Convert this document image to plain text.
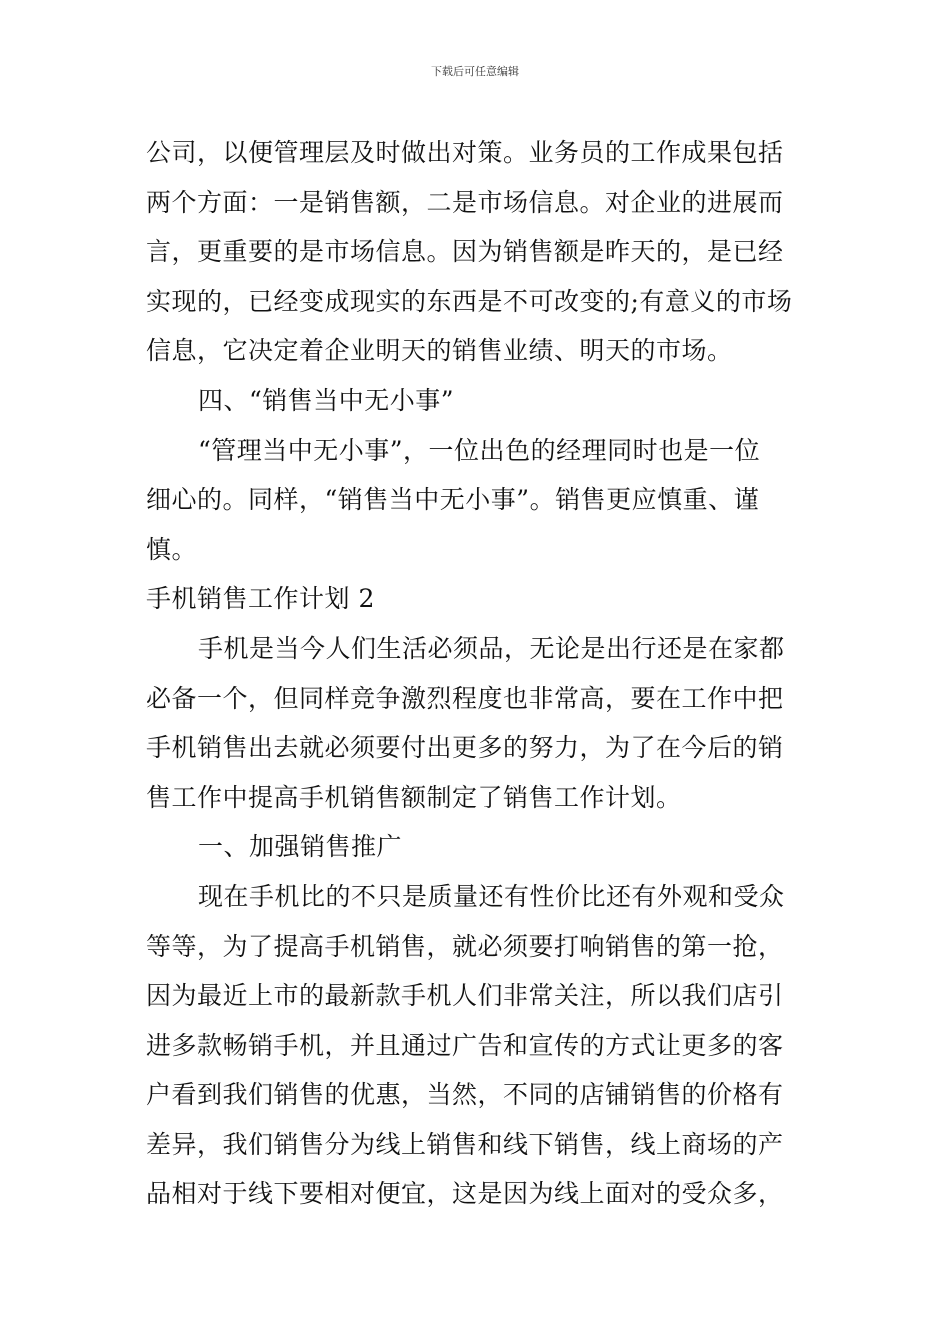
下载后可任意编辑
公司，以便管理层及时做出对策。业务员的工作成果包括
两个方面：一是销售额，二是市场信息。对企业的进展而
言，更重要的是市场信息。因为销售额是昨天的，是已经
实现的，已经变成现实的东西是不可改变的;有意义的市场
信息，它决定着企业明天的销售业绩、明天的市场。
四、“销售当中无小事”
“管理当中无小事”，一位出色的经理同时也是一位
细心的。同样，“销售当中无小事”。销售更应慎重、谨
慎。
手机销售工作计划 2
手机是当今人们生活必须品，无论是出行还是在家都
必备一个，但同样竞争激烈程度也非常高，要在工作中把
手机销售出去就必须要付出更多的努力，为了在今后的销
售工作中提高手机销售额制定了销售工作计划。
一、加强销售推广
现在手机比的不只是质量还有性价比还有外观和受众
等等，为了提高手机销售，就必须要打响销售的第一抢，
因为最近上市的最新款手机人们非常关注，所以我们店引
进多款畅销手机，并且通过广告和宣传的方式让更多的客
户看到我们销售的优惠，当然，不同的店铺销售的价格有
差异，我们销售分为线上销售和线下销售，线上商场的产
品相对于线下要相对便宜，这是因为线上面对的受众多，
